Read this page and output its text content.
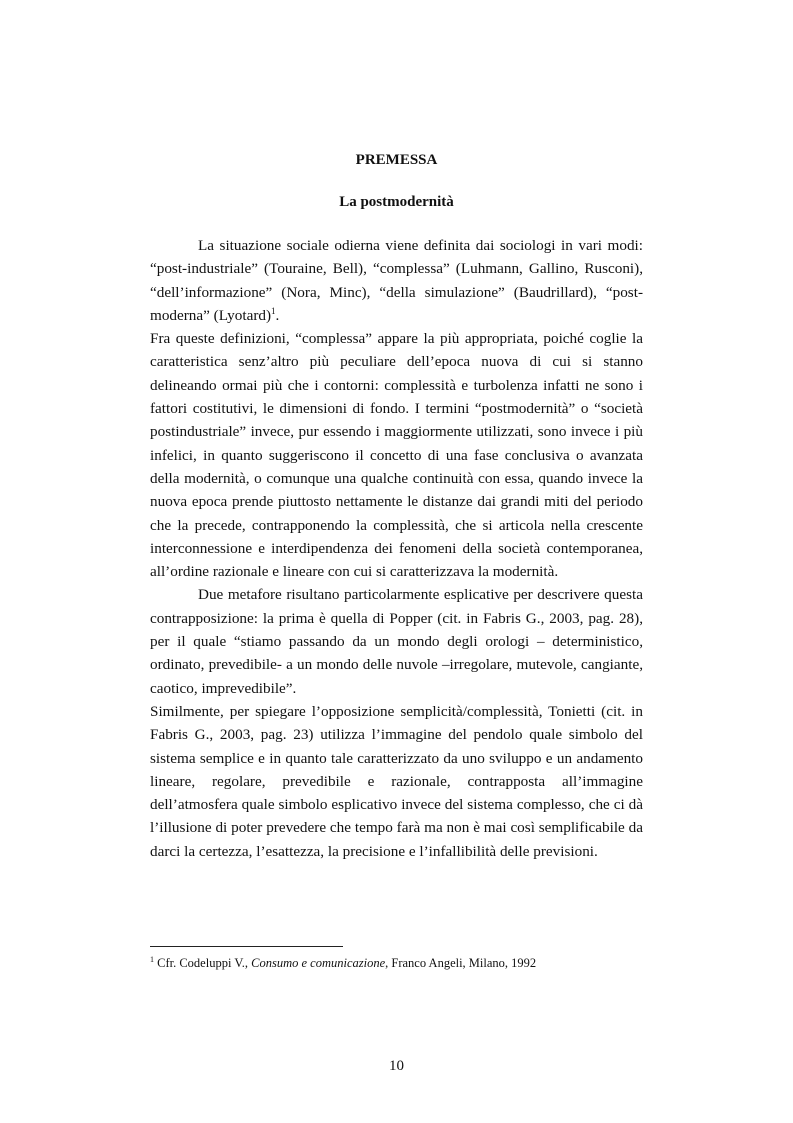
PREMESSA
La postmodernità

La situazione sociale odierna viene definita dai sociologi in vari modi: “post-industriale” (Touraine, Bell), “complessa” (Luhmann, Gallino, Rusconi), “dell’informazione” (Nora, Minc), “della simulazione” (Baudrillard), “post-moderna” (Lyotard)$^1$.

Fra queste definizioni, “complessa” appare la più appropriata, poiché coglie la caratteristica senz’altro più peculiare dell’epoca nuova di cui si stanno delineando ormai più che i contorni: complessità e turbolenza infatti ne sono i fattori costitutivi, le dimensioni di fondo. I termini “postmodernità” o “società postindustriale” invece, pur essendo i maggiormente utilizzati, sono invece i più infelici, in quanto suggeriscono il concetto di una fase conclusiva o avanzata della modernità, o comunque una qualche continuità con essa, quando invece la nuova epoca prende piuttosto nettamente le distanze dai grandi miti del periodo che la precede, contrapponendo la complessità, che si articola nella crescente interconnessione e interdipendenza dei fenomeni della società contemporanea, all’ordine razionale e lineare con cui si caratterizzava la modernità.

Due metafore risultano particolarmente esplicative per descrivere questa contrapposizione: la prima è quella di Popper (cit. in Fabris G., 2003, pag. 28), per il quale “stiamo passando da un mondo degli orologi – deterministico, ordinato, prevedibile- a un mondo delle nuvole –irregolare, mutevole, cangiante, caotico, imprevedibile”.

Similmente, per spiegare l’opposizione semplicità/complessità, Tonietti (cit. in Fabris G., 2003, pag. 23) utilizza l’immagine del pendolo quale simbolo del sistema semplice e in quanto tale caratterizzato da uno sviluppo e un andamento lineare, regolare, prevedibile e razionale, contrapposta all’immagine dell’atmosfera quale simbolo esplicativo invece del sistema complesso, che ci dà l’illusione di poter prevedere che tempo farà ma non è mai così semplificabile da darci la certezza, l’esattezza, la precisione e l’infallibilità delle previsioni.

$^1$ Cfr. Codeluppi V., Consumo e comunicazione, Franco Angeli, Milano, 1992

10
